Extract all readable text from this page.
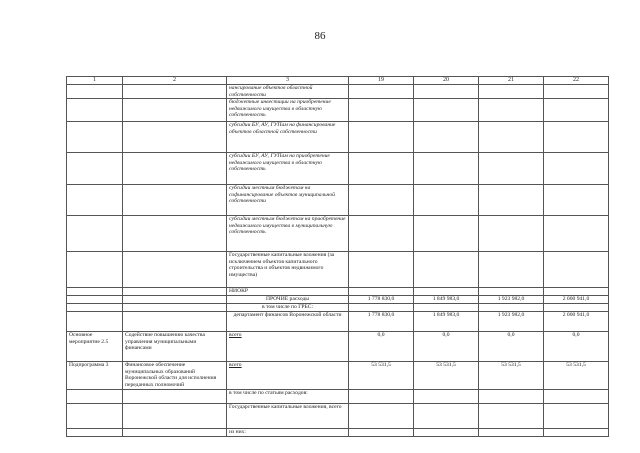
86
1	2	3	19	20	21	22
		нансирование объектов областной собственности				
		бюджетные инвестиции на приобретение недвижимого имущества в областную собственность				
		субсидии БУ, АУ, ГУПам на финансирование объектов областной собственности				
		субсидии БУ, АУ, ГУПам на приобретение недвижимого имущества в областную собственность				
		субсидии местным бюджетам на софинансирование объектов муниципальной собственности				
		субсидии местным бюджетам на приобретение недвижимого имущества в муниципальную собственность				
		Государственные капитальные вложения (за исключением объектов капитального строительства и объектов недвижимого имущества)				
		НИОКР				
		ПРОЧИЕ расходы	1 778 830,0	1 849 983,0	1 923 982,0	2 000 941,0
		в том числе по ГРБС:				
		департамент финансов Воронежской области	1 778 830,0	1 849 983,0	1 923 982,0	2 000 941,0
Основное мероприятие 2.5	Содействие повышению качества управления муниципальными финансами	всего	0,0	0,0	0,0	0,0
Подпрограмма 3	Финансовое обеспечение муниципальных образований Воронежской области для исполнения переданных полномочий	всего	53 531,5	53 531,5	53 531,5	53 531,5
		в том числе по статьям расходов:				
		Государственные капитальные вложения, всего				
		из них:				
